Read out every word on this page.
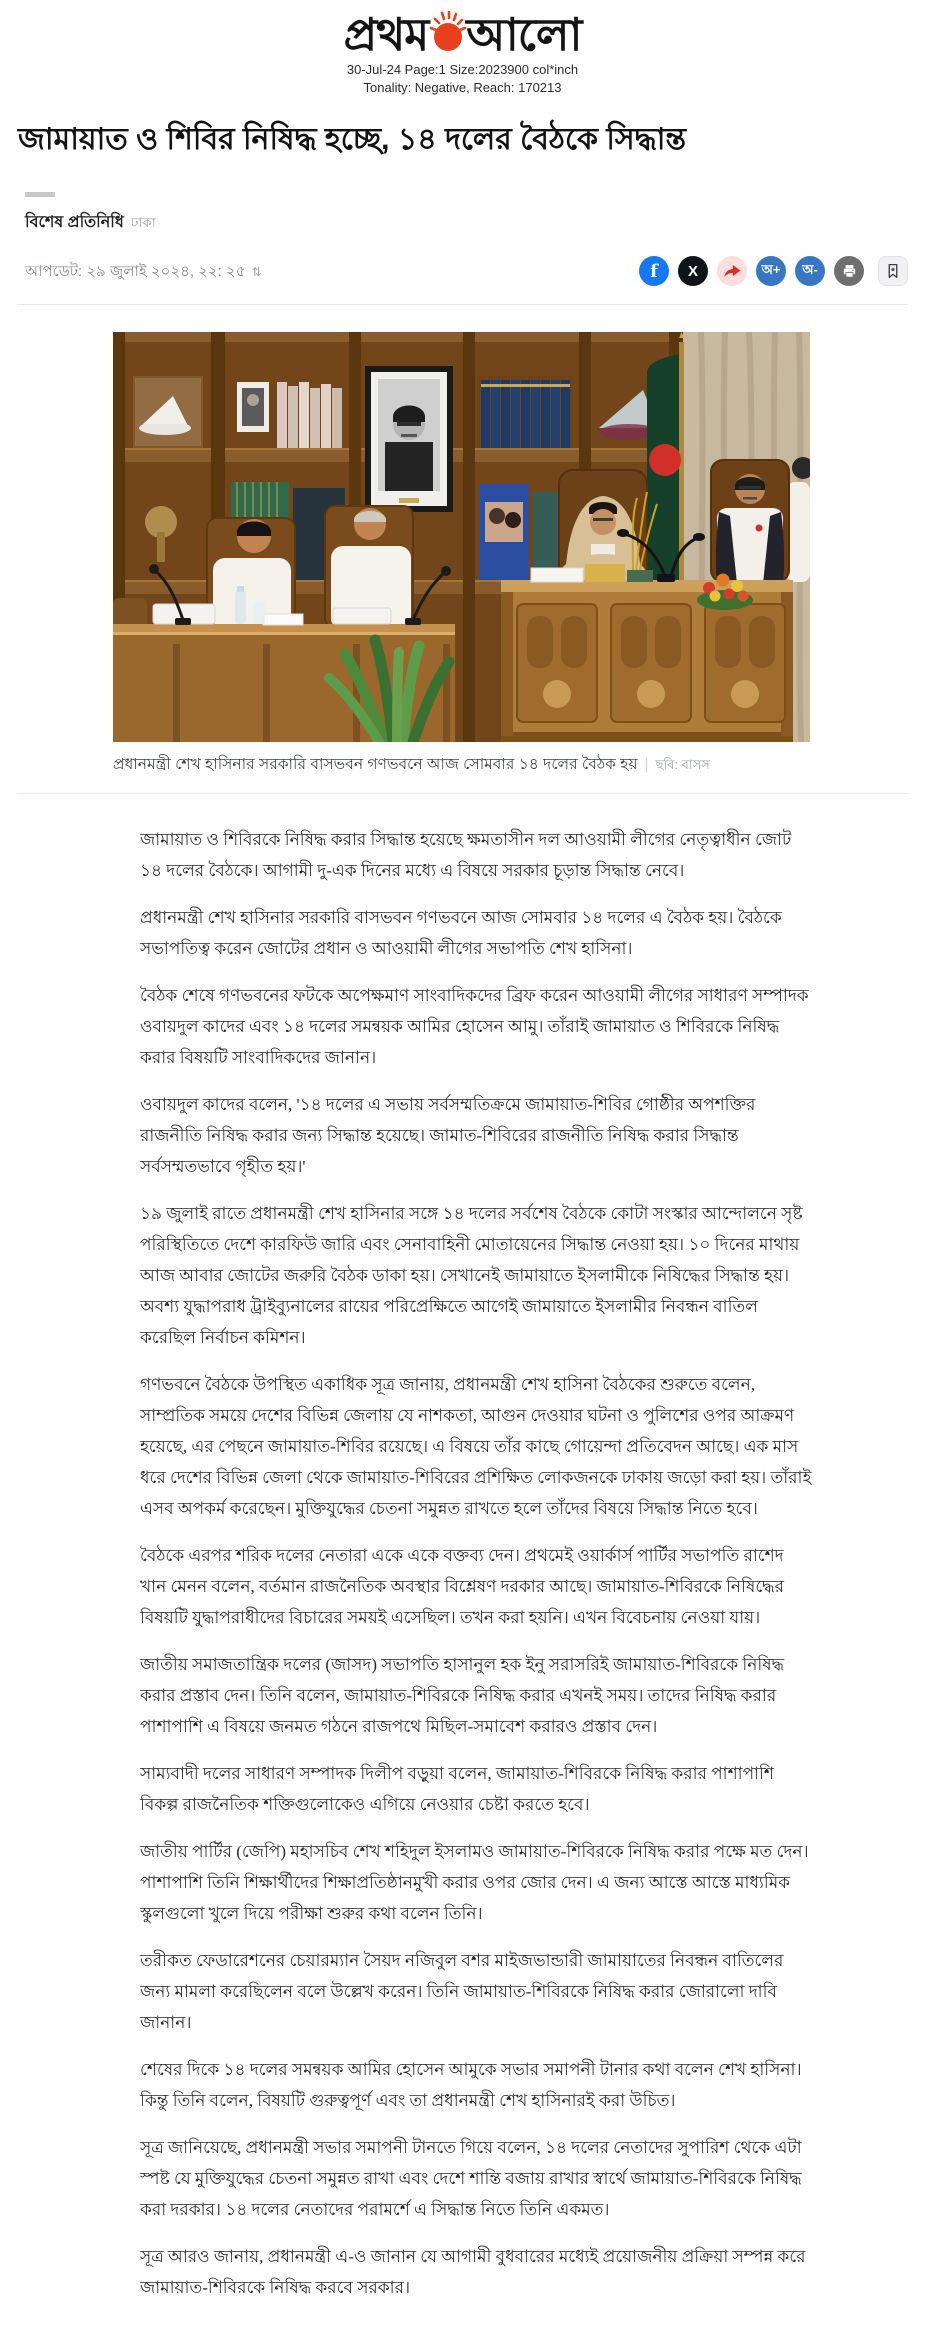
প্রথম আলো
30-Jul-24 Page:1 Size:2023900 col*inch
Tonality: Negative, Reach: 170213
জামায়াত ও শিবির নিষিদ্ধ হচ্ছে, ১৪ দলের বৈঠকে সিদ্ধান্ত
বিশেষ প্রতিনিধি ঢাকা
আপডেট: ২৯ জুলাই ২০২৪, ২২: ২৫ ⇅	f X	অ+ অ-
প্রধানমন্ত্রী শেখ হাসিনার সরকারি বাসভবন গণভবনে আজ সোমবার ১৪ দলের বৈঠক হয় | ছবি: বাসস

জামায়াত ও শিবিরকে নিষিদ্ধ করার সিদ্ধান্ত হয়েছে ক্ষমতাসীন দল আওয়ামী লীগের নেতৃত্বাধীন জোট ১৪ দলের বৈঠকে। আগামী দু-এক দিনের মধ্যে এ বিষয়ে সরকার চূড়ান্ত সিদ্ধান্ত নেবে।

প্রধানমন্ত্রী শেখ হাসিনার সরকারি বাসভবন গণভবনে আজ সোমবার ১৪ দলের এ বৈঠক হয়। বৈঠকে সভাপতিত্ব করেন জোটের প্রধান ও আওয়ামী লীগের সভাপতি শেখ হাসিনা।

বৈঠক শেষে গণভবনের ফটকে অপেক্ষমাণ সাংবাদিকদের ব্রিফ করেন আওয়ামী লীগের সাধারণ সম্পাদক ওবায়দুল কাদের এবং ১৪ দলের সমন্বয়ক আমির হোসেন আমু। তাঁরাই জামায়াত ও শিবিরকে নিষিদ্ধ করার বিষয়টি সাংবাদিকদের জানান।

ওবায়দুল কাদের বলেন, '১৪ দলের এ সভায় সর্বসম্মতিক্রমে জামায়াত-শিবির গোষ্ঠীর অপশক্তির রাজনীতি নিষিদ্ধ করার জন্য সিদ্ধান্ত হয়েছে। জামাত-শিবিরের রাজনীতি নিষিদ্ধ করার সিদ্ধান্ত সর্বসম্মতভাবে গৃহীত হয়।'

১৯ জুলাই রাতে প্রধানমন্ত্রী শেখ হাসিনার সঙ্গে ১৪ দলের সর্বশেষ বৈঠকে কোটা সংস্কার আন্দোলনে সৃষ্ট পরিস্থিতিতে দেশে কারফিউ জারি এবং সেনাবাহিনী মোতায়েনের সিদ্ধান্ত নেওয়া হয়। ১০ দিনের মাথায় আজ আবার জোটের জরুরি বৈঠক ডাকা হয়। সেখানেই জামায়াতে ইসলামীকে নিষিদ্ধের সিদ্ধান্ত হয়। অবশ্য যুদ্ধাপরাধ ট্রাইব্যুনালের রায়ের পরিপ্রেক্ষিতে আগেই জামায়াতে ইসলামীর নিবন্ধন বাতিল করেছিল নির্বাচন কমিশন।

গণভবনে বৈঠকে উপস্থিত একাধিক সূত্র জানায়, প্রধানমন্ত্রী শেখ হাসিনা বৈঠকের শুরুতে বলেন, সাম্প্রতিক সময়ে দেশের বিভিন্ন জেলায় যে নাশকতা, আগুন দেওয়ার ঘটনা ও পুলিশের ওপর আক্রমণ হয়েছে, এর পেছনে জামায়াত-শিবির রয়েছে। এ বিষয়ে তাঁর কাছে গোয়েন্দা প্রতিবেদন আছে। এক মাস ধরে দেশের বিভিন্ন জেলা থেকে জামায়াত-শিবিরের প্রশিক্ষিত লোকজনকে ঢাকায় জড়ো করা হয়। তাঁরাই এসব অপকর্ম করেছেন। মুক্তিযুদ্ধের চেতনা সমুন্নত রাখতে হলে তাঁদের বিষয়ে সিদ্ধান্ত নিতে হবে।

বৈঠকে এরপর শরিক দলের নেতারা একে একে বক্তব্য দেন। প্রথমেই ওয়ার্কার্স পার্টির সভাপতি রাশেদ খান মেনন বলেন, বর্তমান রাজনৈতিক অবস্থার বিশ্লেষণ দরকার আছে। জামায়াত-শিবিরকে নিষিদ্ধের বিষয়টি যুদ্ধাপরাধীদের বিচারের সময়ই এসেছিল। তখন করা হয়নি। এখন বিবেচনায় নেওয়া যায়।

জাতীয় সমাজতান্ত্রিক দলের (জাসদ) সভাপতি হাসানুল হক ইনু সরাসরিই জামায়াত-শিবিরকে নিষিদ্ধ করার প্রস্তাব দেন। তিনি বলেন, জামায়াত-শিবিরকে নিষিদ্ধ করার এখনই সময়। তাদের নিষিদ্ধ করার পাশাপাশি এ বিষয়ে জনমত গঠনে রাজপথে মিছিল-সমাবেশ করারও প্রস্তাব দেন।

সাম্যবাদী দলের সাধারণ সম্পাদক দিলীপ বড়ুয়া বলেন, জামায়াত-শিবিরকে নিষিদ্ধ করার পাশাপাশি বিকল্প রাজনৈতিক শক্তিগুলোকেও এগিয়ে নেওয়ার চেষ্টা করতে হবে।

জাতীয় পার্টির (জেপি) মহাসচিব শেখ শহিদুল ইসলামও জামায়াত-শিবিরকে নিষিদ্ধ করার পক্ষে মত দেন। পাশাপাশি তিনি শিক্ষার্থীদের শিক্ষাপ্রতিষ্ঠানমুখী করার ওপর জোর দেন। এ জন্য আস্তে আস্তে মাধ্যমিক স্কুলগুলো খুলে দিয়ে পরীক্ষা শুরুর কথা বলেন তিনি।

তরীকত ফেডারেশনের চেয়ারম্যান সৈয়দ নজিবুল বশর মাইজভান্ডারী জামায়াতের নিবন্ধন বাতিলের জন্য মামলা করেছিলেন বলে উল্লেখ করেন। তিনি জামায়াত-শিবিরকে নিষিদ্ধ করার জোরালো দাবি জানান।

শেষের দিকে ১৪ দলের সমন্বয়ক আমির হোসেন আমুকে সভার সমাপনী টানার কথা বলেন শেখ হাসিনা। কিন্তু তিনি বলেন, বিষয়টি গুরুত্বপূর্ণ এবং তা প্রধানমন্ত্রী শেখ হাসিনারই করা উচিত।

সূত্র জানিয়েছে, প্রধানমন্ত্রী সভার সমাপনী টানতে গিয়ে বলেন, ১৪ দলের নেতাদের সুপারিশ থেকে এটা স্পষ্ট যে মুক্তিযুদ্ধের চেতনা সমুন্নত রাখা এবং দেশে শান্তি বজায় রাখার স্বার্থে জামায়াত-শিবিরকে নিষিদ্ধ করা দরকার। ১৪ দলের নেতাদের পরামর্শে এ সিদ্ধান্ত নিতে তিনি একমত।

সূত্র আরও জানায়, প্রধানমন্ত্রী এ-ও জানান যে আগামী বুধবারের মধ্যেই প্রয়োজনীয় প্রক্রিয়া সম্পন্ন করে জামায়াত-শিবিরকে নিষিদ্ধ করবে সরকার।
